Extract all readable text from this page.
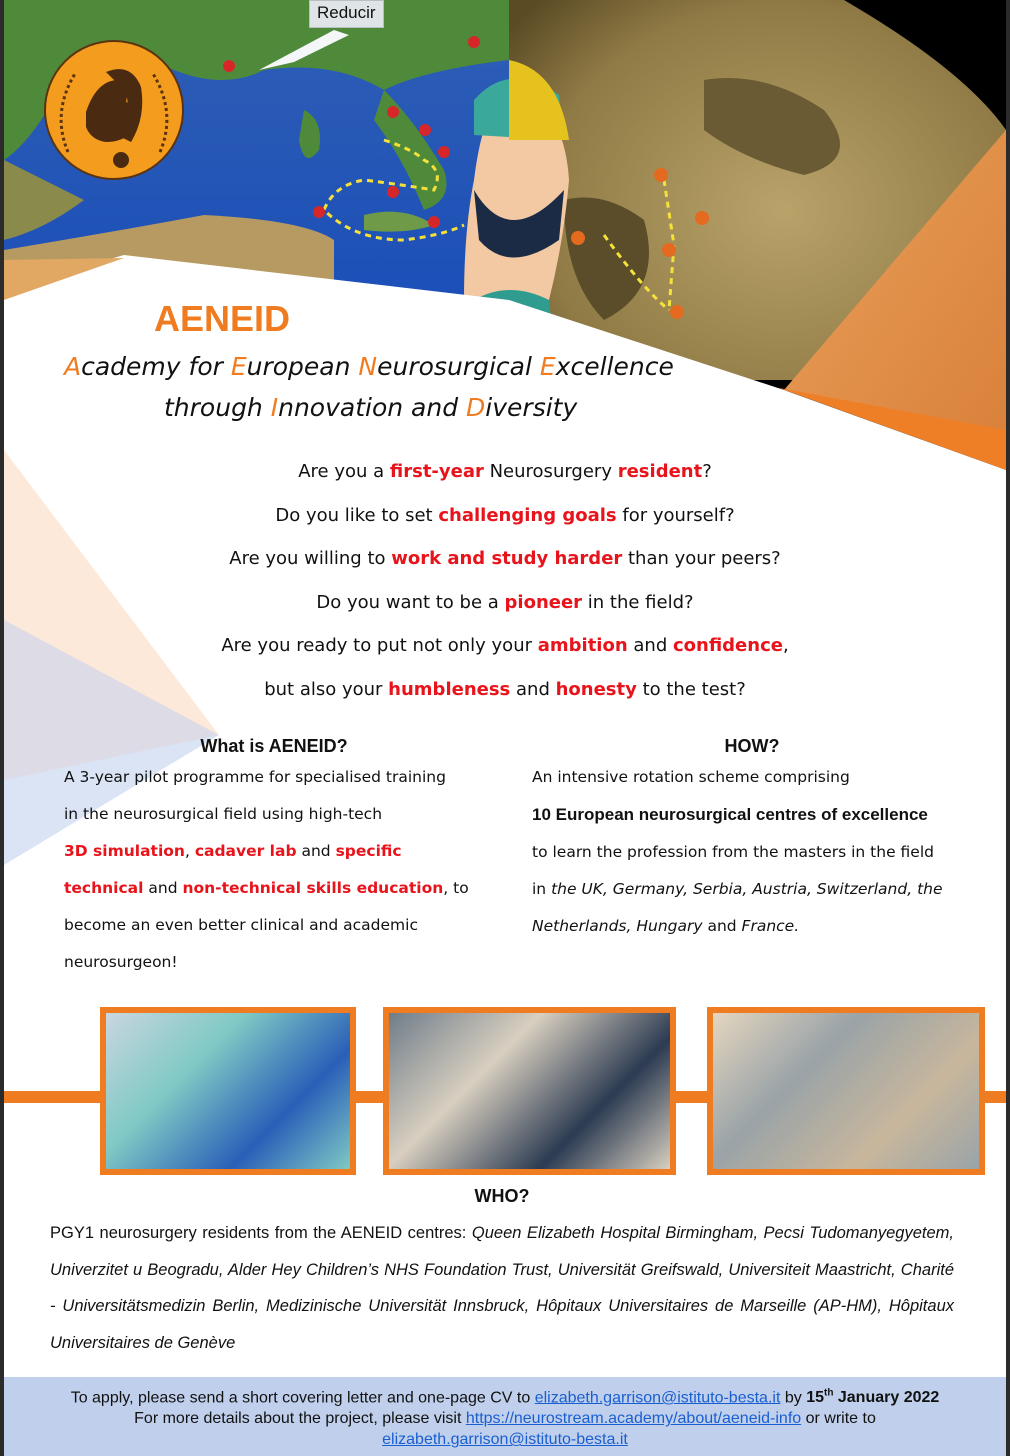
Reducir
AENEID
Academy for European Neurosurgical Excellence
through Innovation and Diversity
Are you a first-year Neurosurgery resident?
Do you like to set challenging goals for yourself?
Are you willing to work and study harder than your peers?
Do you want to be a pioneer in the field?
Are you ready to put not only your ambition and confidence,
but also your humbleness and honesty to the test?
What is AENEID?

A 3-year pilot programme for specialised training

in the neurosurgical field using high-tech

3D simulation, cadaver lab and specific

technical and non-technical skills education, to

become an even better clinical and academic

neurosurgeon!

HOW?

An intensive rotation scheme comprising

10 European neurosurgical centres of excellence

to learn the profession from the masters in the field

in the UK, Germany, Serbia, Austria, Switzerland, the

Netherlands, Hungary and France.

WHO?

PGY1 neurosurgery residents from the AENEID centres: Queen Elizabeth Hospital Birmingham, Pecsi Tudomanyegyetem, Univerzitet u Beogradu, Alder Hey Children’s NHS Foundation Trust, Universität Greifswald, Universiteit Maastricht, Charité - Universitätsmedizin Berlin, Medizinische Universität Innsbruck, Hôpitaux Universitaires de Marseille (AP-HM), Hôpitaux Universitaires de Genève

To apply, please send a short covering letter and one-page CV to elizabeth.garrison@istituto-besta.it by 15th January 2022
For more details about the project, please visit https://neurostream.academy/about/aeneid-info or write to
elizabeth.garrison@istituto-besta.it
